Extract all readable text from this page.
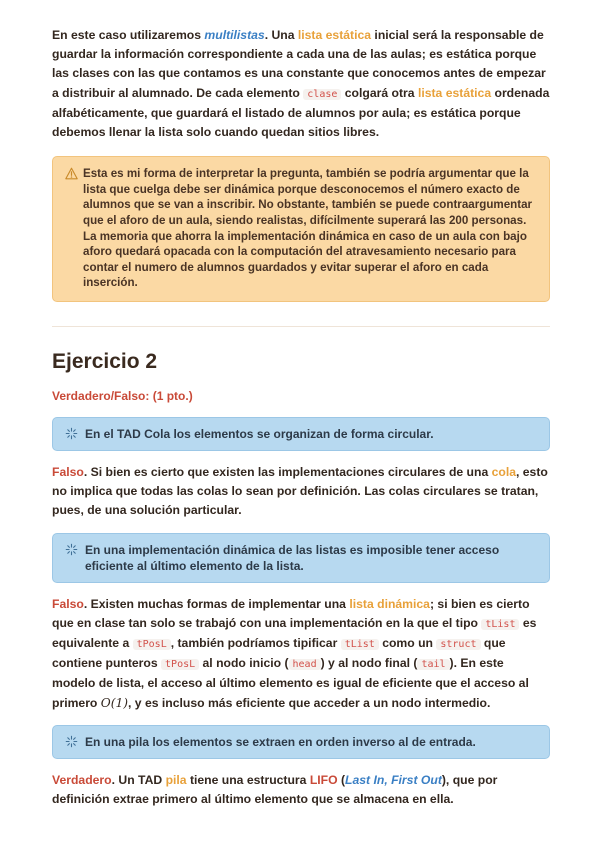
En este caso utilizaremos multilistas. Una lista estática inicial será la responsable de guardar la información correspondiente a cada una de las aulas; es estática porque las clases con las que contamos es una constante que conocemos antes de empezar a distribuir al alumnado. De cada elemento clase colgará otra lista estática ordenada alfabéticamente, que guardará el listado de alumnos por aula; es estática porque debemos llenar la lista solo cuando quedan sitios libres.

Esta es mi forma de interpretar la pregunta, también se podría argumentar que la lista que cuelga debe ser dinámica porque desconocemos el número exacto de alumnos que se van a inscribir. No obstante, también se puede contraargumentar que el aforo de un aula, siendo realistas, difícilmente superará las 200 personas. La memoria que ahorra la implementación dinámica en caso de un aula con bajo aforo quedará opacada con la computación del atravesamiento necesario para contar el numero de alumnos guardados y evitar superar el aforo en cada inserción.

Ejercicio 2
Verdadero/Falso: (1 pto.)
En el TAD Cola los elementos se organizan de forma circular.

Falso. Si bien es cierto que existen las implementaciones circulares de una cola, esto no implica que todas las colas lo sean por definición. Las colas circulares se tratan, pues, de una solución particular.

En una implementación dinámica de las listas es imposible tener acceso eficiente al último elemento de la lista.

Falso. Existen muchas formas de implementar una lista dinámica; si bien es cierto que en clase tan solo se trabajó con una implementación en la que el tipo tList es equivalente a tPosL , también podríamos tipificar tList como un struct que contiene punteros tPosL al nodo inicio ( head ) y al nodo final ( tail ). En este modelo de lista, el acceso al último elemento es igual de eficiente que el acceso al primero O(1), y es incluso más eficiente que acceder a un nodo intermedio.

En una pila los elementos se extraen en orden inverso al de entrada.

Verdadero. Un TAD pila tiene una estructura LIFO (Last In, First Out), que por definición extrae primero al último elemento que se almacena en ella.
